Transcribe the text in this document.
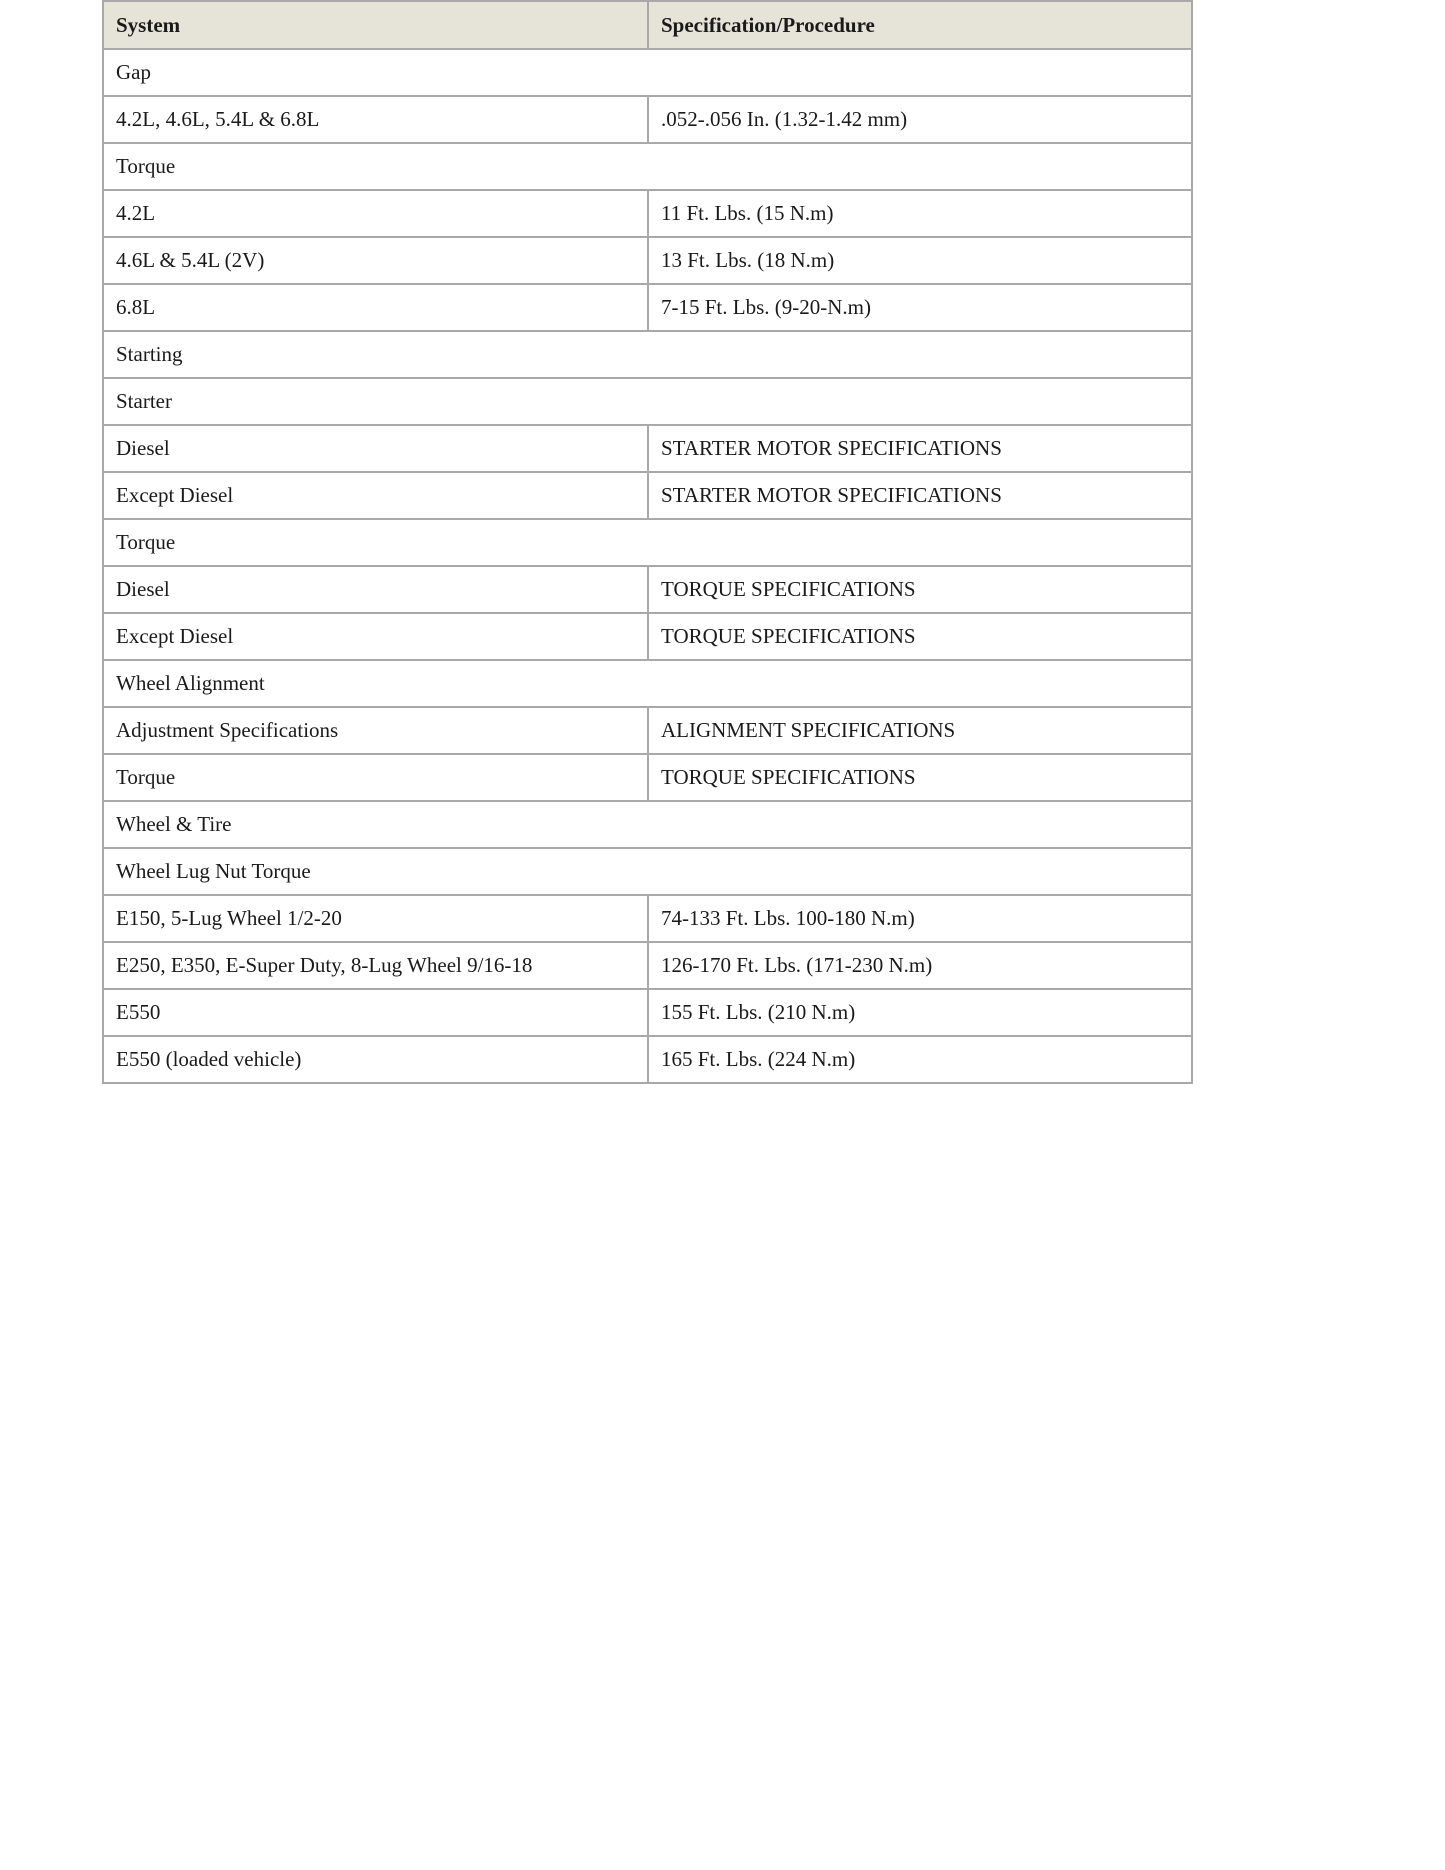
System	Specification/Procedure
Gap	
4.2L, 4.6L, 5.4L & 6.8L	.052-.056 In. (1.32-1.42 mm)
Torque	
4.2L	11 Ft. Lbs. (15 N.m)
4.6L & 5.4L (2V)	13 Ft. Lbs. (18 N.m)
6.8L	7-15 Ft. Lbs. (9-20-N.m)
Starting	
Starter	
Diesel	STARTER MOTOR SPECIFICATIONS
Except Diesel	STARTER MOTOR SPECIFICATIONS
Torque	
Diesel	TORQUE SPECIFICATIONS
Except Diesel	TORQUE SPECIFICATIONS
Wheel Alignment	
Adjustment Specifications	ALIGNMENT SPECIFICATIONS
Torque	TORQUE SPECIFICATIONS
Wheel & Tire	
Wheel Lug Nut Torque	
E150, 5-Lug Wheel 1/2-20	74-133 Ft. Lbs. 100-180 N.m)
E250, E350, E-Super Duty, 8-Lug Wheel 9/16-18	126-170 Ft. Lbs. (171-230 N.m)
E550	155 Ft. Lbs. (210 N.m)
E550 (loaded vehicle)	165 Ft. Lbs. (224 N.m)
